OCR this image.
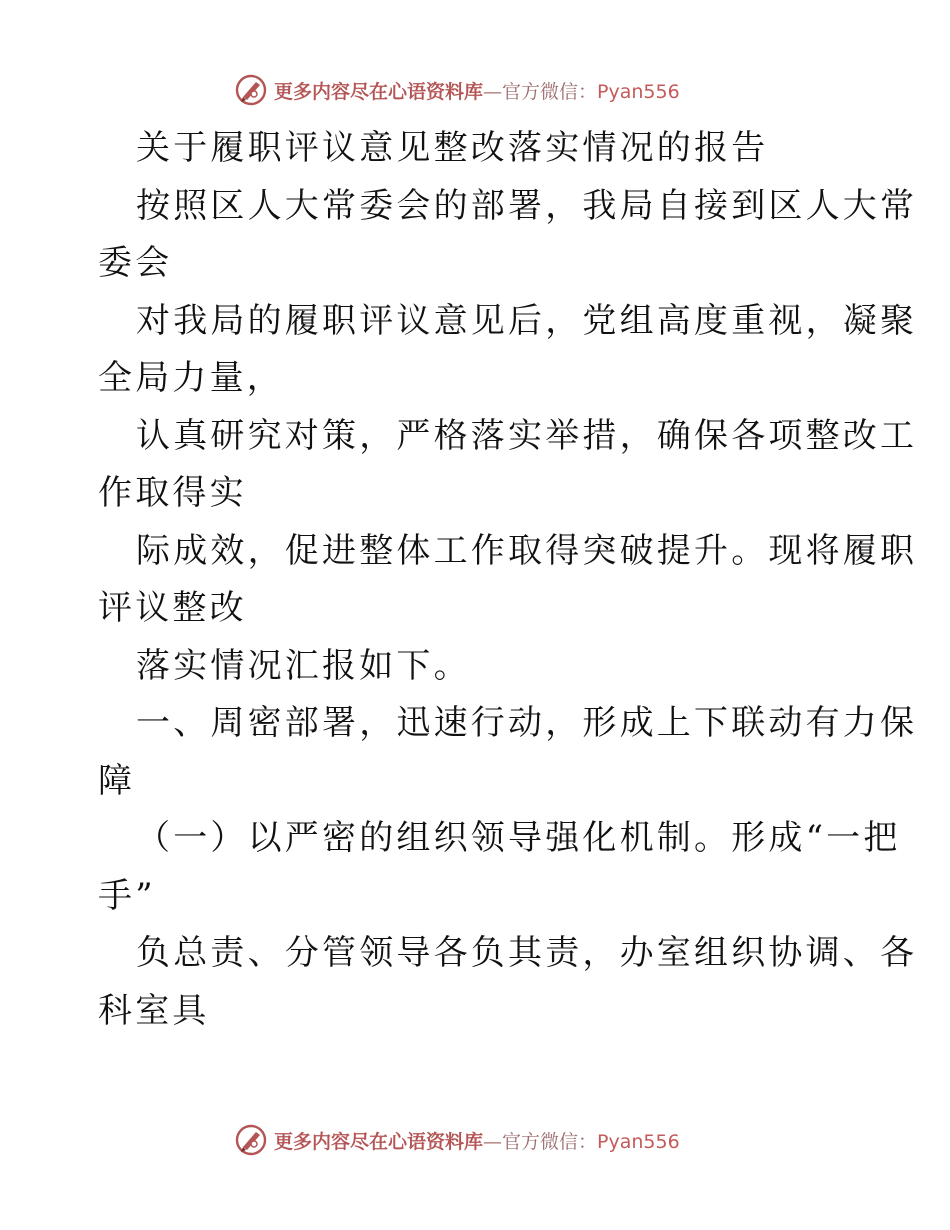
更多内容尽在心语资料库—官方微信：Pyan556
关于履职评议意见整改落实情况的报告
按照区人大常委会的部署，我局自接到区人大常
委会
对我局的履职评议意见后，党组高度重视，凝聚
全局力量，
认真研究对策，严格落实举措，确保各项整改工
作取得实
际成效，促进整体工作取得突破提升。现将履职
评议整改
落实情况汇报如下。
一、周密部署，迅速行动，形成上下联动有力保
障
（一）以严密的组织领导强化机制。形成“一把
手”
负总责、分管领导各负其责，办室组织协调、各
科室具
更多内容尽在心语资料库—官方微信：Pyan556
